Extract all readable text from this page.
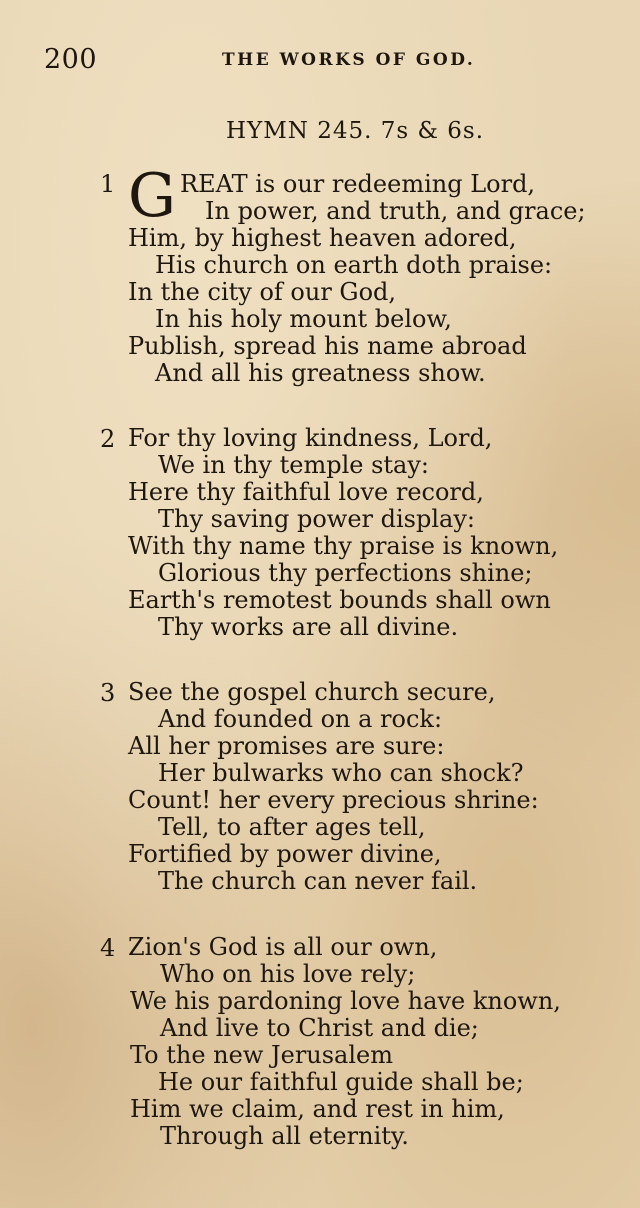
200	THE WORKS OF GOD.
HYMN 245. 7s & 6s.
1 G REAT is our redeeming Lord,
In power, and truth, and grace;
Him, by highest heaven adored,
His church on earth doth praise:
In the city of our God,
In his holy mount below,
Publish, spread his name abroad
And all his greatness show.
2 For thy loving kindness, Lord,
We in thy temple stay:
Here thy faithful love record,
Thy saving power display:
With thy name thy praise is known,
Glorious thy perfections shine;
Earth's remotest bounds shall own
Thy works are all divine.
3 See the gospel church secure,
And founded on a rock:
All her promises are sure:
Her bulwarks who can shock?
Count! her every precious shrine:
Tell, to after ages tell,
Fortified by power divine,
The church can never fail.
4 Zion's God is all our own,
Who on his love rely;
We his pardoning love have known,
And live to Christ and die;
To the new Jerusalem
He our faithful guide shall be;
Him we claim, and rest in him,
Through all eternity.
